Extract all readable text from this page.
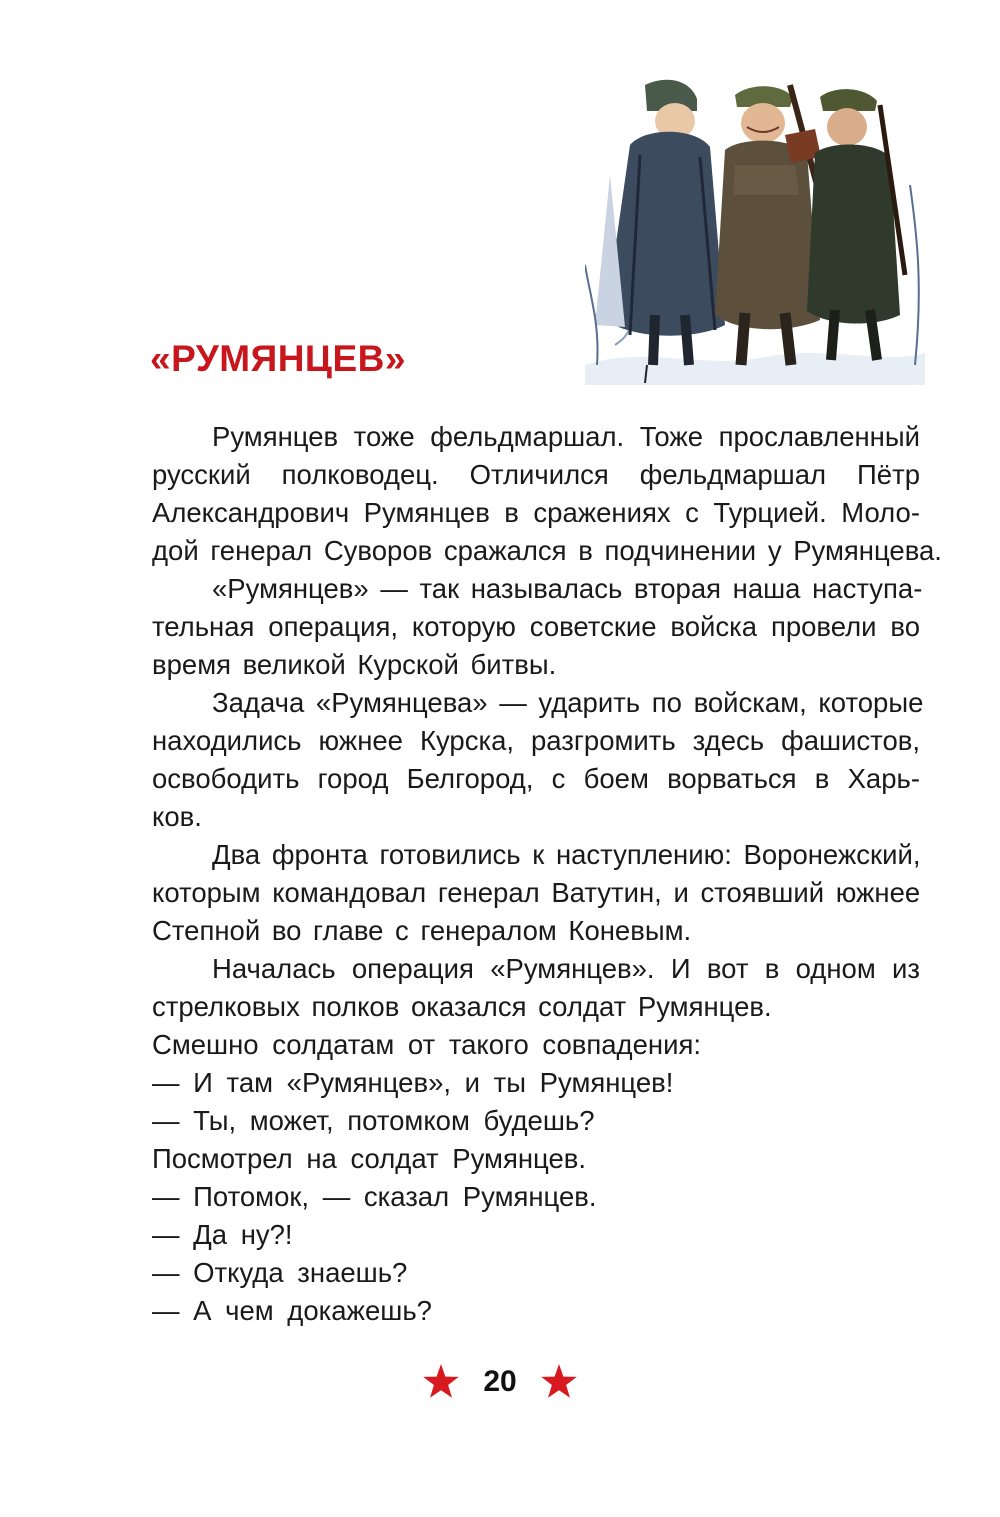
«РУМЯНЦЕВ»

Румянцев тоже фельдмаршал. Тоже прославленный
русский полководец. Отличился фельдмаршал Пётр
Александрович Румянцев в сражениях с Турцией. Моло-
дой генерал Суворов сражался в подчинении у Румянцева.

«Румянцев» — так называлась вторая наша наступа-
тельная операция, которую советские войска провели во
время великой Курской битвы.

Задача «Румянцева» — ударить по войскам, которые
находились южнее Курска, разгромить здесь фашистов,
освободить город Белгород, с боем ворваться в Харь-
ков.

Два фронта готовились к наступлению: Воронежский,
которым командовал генерал Ватутин, и стоявший южнее
Степной во главе с генералом Коневым.

Началась операция «Румянцев». И вот в одном из
стрелковых полков оказался солдат Румянцев.

Смешно солдатам от такого совпадения:

— И там «Румянцев», и ты Румянцев!

— Ты, может, потомком будешь?

Посмотрел на солдат Румянцев.

— Потомок, — сказал Румянцев.

— Да ну?!

— Откуда знаешь?

— А чем докажешь?

20
